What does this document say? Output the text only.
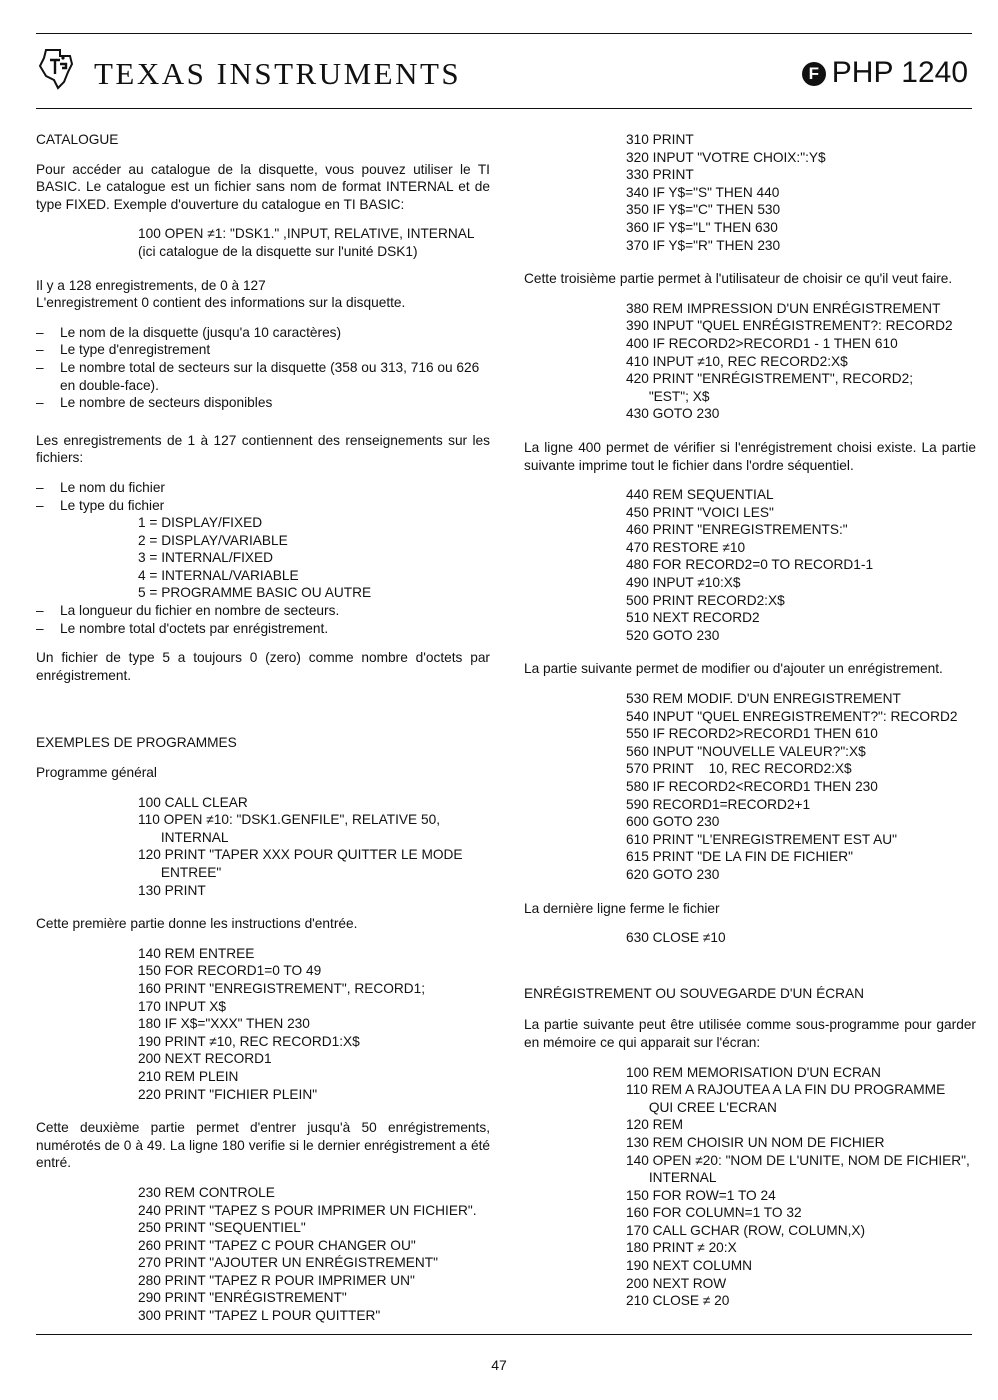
TEXAS INSTRUMENTS	F PHP 1240
CATALOGUE
Pour accéder au catalogue de la disquette, vous pouvez utiliser le TI BASIC. Le catalogue est un fichier sans nom de format INTERNAL et de type FIXED. Exemple d'ouverture du catalogue en TI BASIC:
100 OPEN ≠1: "DSK1." ,INPUT, RELATIVE, INTERNAL
(ici catalogue de la disquette sur l'unité DSK1)
Il y a 128 enregistrements, de 0 à 127
L'enregistrement 0 contient des informations sur la disquette.
– Le nom de la disquette (jusqu'a 10 caractères)
– Le type d'enregistrement
– Le nombre total de secteurs sur la disquette (358 ou 313, 716 ou 626 en double-face).
– Le nombre de secteurs disponibles
Les enregistrements de 1 à 127 contiennent des renseignements sur les fichiers:
– Le nom du fichier
– Le type du fichier
1 = DISPLAY/FIXED
2 = DISPLAY/VARIABLE
3 = INTERNAL/FIXED
4 = INTERNAL/VARIABLE
5 = PROGRAMME BASIC OU AUTRE
– La longueur du fichier en nombre de secteurs.
– Le nombre total d'octets par enrégistrement.
Un fichier de type 5 a toujours 0 (zero) comme nombre d'octets par enrégistrement.
EXEMPLES DE PROGRAMMES
Programme général
100 CALL CLEAR
110 OPEN ≠10: "DSK1.GENFILE", RELATIVE 50,
INTERNAL
120 PRINT "TAPER XXX POUR QUITTER LE MODE
ENTREE"
130 PRINT
Cette première partie donne les instructions d'entrée.
140 REM ENTREE
150 FOR RECORD1=0 TO 49
160 PRINT "ENREGISTREMENT", RECORD1;
170 INPUT X$
180 IF X$="XXX" THEN 230
190 PRINT ≠10, REC RECORD1:X$
200 NEXT RECORD1
210 REM PLEIN
220 PRINT "FICHIER PLEIN"
Cette deuxième partie permet d'entrer jusqu'à 50 enrégistrements, numérotés de 0 à 49. La ligne 180 verifie si le dernier enrégistrement a été entré.
230 REM CONTROLE
240 PRINT "TAPEZ S POUR IMPRIMER UN FICHIER".
250 PRINT "SEQUENTIEL"
260 PRINT "TAPEZ C POUR CHANGER OU"
270 PRINT "AJOUTER UN ENRÉGISTREMENT"
280 PRINT "TAPEZ R POUR IMPRIMER UN"
290 PRINT "ENRÉGISTREMENT"
300 PRINT "TAPEZ L POUR QUITTER"
310 PRINT
320 INPUT "VOTRE CHOIX:":Y$
330 PRINT
340 IF Y$="S" THEN 440
350 IF Y$="C" THEN 530
360 IF Y$="L" THEN 630
370 IF Y$="R" THEN 230
Cette troisième partie permet à l'utilisateur de choisir ce qu'il veut faire.
380 REM IMPRESSION D'UN ENRÉGISTREMENT
390 INPUT "QUEL ENRÉGISTREMENT?: RECORD2
400 IF RECORD2>RECORD1 - 1 THEN 610
410 INPUT ≠10, REC RECORD2:X$
420 PRINT "ENRÉGISTREMENT", RECORD2;
"EST"; X$
430 GOTO 230
La ligne 400 permet de vérifier si l'enrégistrement choisi existe. La partie suivante imprime tout le fichier dans l'ordre séquentiel.
440 REM SEQUENTIAL
450 PRINT "VOICI LES"
460 PRINT "ENREGISTREMENTS:"
470 RESTORE ≠10
480 FOR RECORD2=0 TO RECORD1-1
490 INPUT ≠10:X$
500 PRINT RECORD2:X$
510 NEXT RECORD2
520 GOTO 230
La partie suivante permet de modifier ou d'ajouter un enrégistrement.
530 REM MODIF. D'UN ENREGISTREMENT
540 INPUT "QUEL ENREGISTREMENT?": RECORD2
550 IF RECORD2>RECORD1 THEN 610
560 INPUT "NOUVELLE VALEUR?":X$
570 PRINT    10, REC RECORD2:X$
580 IF RECORD2<RECORD1 THEN 230
590 RECORD1=RECORD2+1
600 GOTO 230
610 PRINT "L'ENREGISTREMENT EST AU"
615 PRINT "DE LA FIN DE FICHIER"
620 GOTO 230
La dernière ligne ferme le fichier
630 CLOSE ≠10
ENRÉGISTREMENT OU SOUVEGARDE D'UN ÉCRAN
La partie suivante peut être utilisée comme sous-programme pour garder en mémoire ce qui apparait sur l'écran:
100 REM MEMORISATION D'UN ECRAN
110 REM A RAJOUTEA A LA FIN DU PROGRAMME
QUI CREE L'ECRAN
120 REM
130 REM CHOISIR UN NOM DE FICHIER
140 OPEN ≠20: "NOM DE L'UNITE, NOM DE FICHIER",
INTERNAL
150 FOR ROW=1 TO 24
160 FOR COLUMN=1 TO 32
170 CALL GCHAR (ROW, COLUMN,X)
180 PRINT ≠ 20:X
190 NEXT COLUMN
200 NEXT ROW
210 CLOSE ≠ 20
47
